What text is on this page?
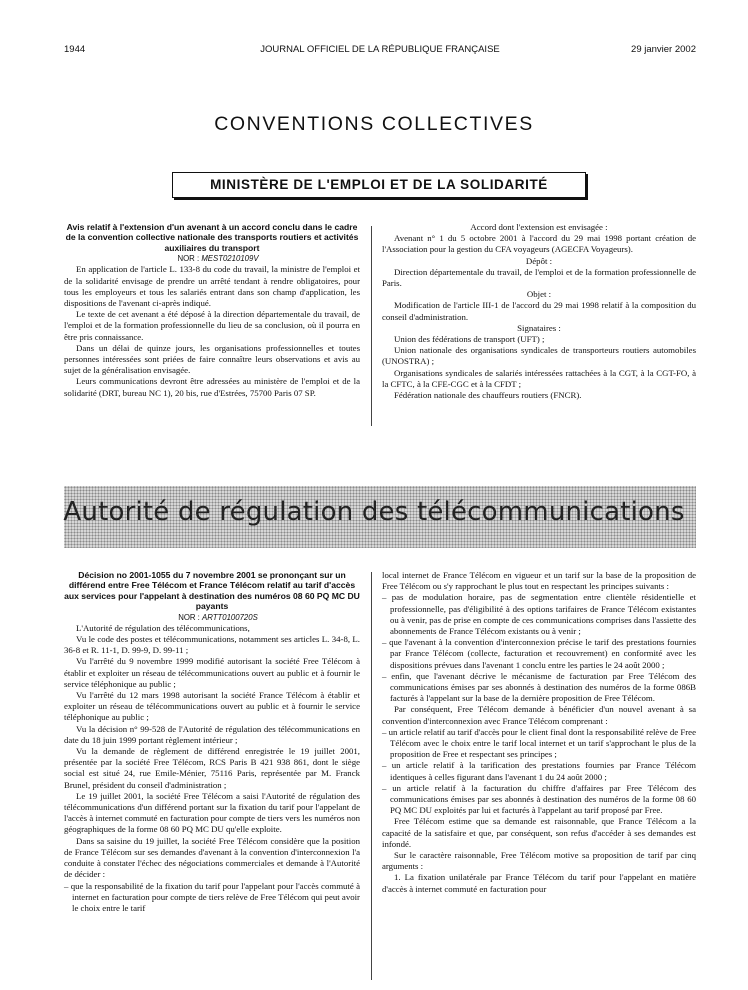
1944	JOURNAL OFFICIEL DE LA RÉPUBLIQUE FRANÇAISE	29 janvier 2002
CONVENTIONS COLLECTIVES
MINISTÈRE DE L'EMPLOI ET DE LA SOLIDARITÉ
Avis relatif à l'extension d'un avenant à un accord conclu dans le cadre de la convention collective nationale des transports routiers et activités auxiliaires du transport

NOR : MEST0210109V

En application de l'article L. 133-8 du code du travail, la ministre de l'emploi et de la solidarité envisage de prendre un arrêté tendant à rendre obligatoires, pour tous les employeurs et tous les salariés entrant dans son champ d'application, les dispositions de l'avenant ci-après indiqué.

Le texte de cet avenant a été déposé à la direction départementale du travail, de l'emploi et de la formation professionnelle du lieu de sa conclusion, où il pourra en être pris connaissance.

Dans un délai de quinze jours, les organisations professionnelles et toutes personnes intéressées sont priées de faire connaître leurs observations et avis au sujet de la généralisation envisagée.

Leurs communications devront être adressées au ministère de l'emploi et de la solidarité (DRT, bureau NC 1), 20 bis, rue d'Estrées, 75700 Paris 07 SP.

Accord dont l'extension est envisagée :

Avenant n° 1 du 5 octobre 2001 à l'accord du 29 mai 1998 portant création de l'Association pour la gestion du CFA voyageurs (AGECFA Voyageurs).

Dépôt :

Direction départementale du travail, de l'emploi et de la formation professionnelle de Paris.

Objet :

Modification de l'article III-1 de l'accord du 29 mai 1998 relatif à la composition du conseil d'administration.

Signataires :

Union des fédérations de transport (UFT) ;

Union nationale des organisations syndicales de transporteurs routiers automobiles (UNOSTRA) ;

Organisations syndicales de salariés intéressées rattachées à la CGT, à la CGT-FO, à la CFTC, à la CFE-CGC et à la CFDT ;

Fédération nationale des chauffeurs routiers (FNCR).

Autorité de régulation des télécommunications
Décision no 2001-1055 du 7 novembre 2001 se prononçant sur un différend entre Free Télécom et France Télécom relatif au tarif d'accès aux services pour l'appelant à destination des numéros 08 60 PQ MC DU payants

NOR : ARTT0100720S

L'Autorité de régulation des télécommunications,

Vu le code des postes et télécommunications, notamment ses articles L. 34-8, L. 36-8 et R. 11-1, D. 99-9, D. 99-11 ;

Vu l'arrêté du 9 novembre 1999 modifié autorisant la société Free Télécom à établir et exploiter un réseau de télécommunications ouvert au public et à fournir le service téléphonique au public ;

Vu l'arrêté du 12 mars 1998 autorisant la société France Télécom à établir et exploiter un réseau de télécommunications ouvert au public et à fournir le service téléphonique au public ;

Vu la décision n° 99-528 de l'Autorité de régulation des télécommunications en date du 18 juin 1999 portant règlement intérieur ;

Vu la demande de règlement de différend enregistrée le 19 juillet 2001, présentée par la société Free Télécom, RCS Paris B 421 938 861, dont le siège social est situé 24, rue Emile-Ménier, 75116 Paris, représentée par M. Franck Brunel, président du conseil d'administration ;

Le 19 juillet 2001, la société Free Télécom a saisi l'Autorité de régulation des télécommunications d'un différend portant sur la fixation du tarif pour l'appelant de l'accès à internet commuté en facturation pour compte de tiers vers les numéros non géographiques de la forme 08 60 PQ MC DU qu'elle exploite.

Dans sa saisine du 19 juillet, la société Free Télécom considère que la position de France Télécom sur ses demandes d'avenant à la convention d'interconnexion l'a conduite à constater l'échec des négociations commerciales et demande à l'Autorité de décider :

– que la responsabilité de la fixation du tarif pour l'appelant pour l'accès commuté à internet en facturation pour compte de tiers relève de Free Télécom qui peut avoir le choix entre le tarif

local internet de France Télécom en vigueur et un tarif sur la base de la proposition de Free Télécom ou s'y rapprochant le plus tout en respectant les principes suivants :

– pas de modulation horaire, pas de segmentation entre clientèle résidentielle et professionnelle, pas d'éligibilité à des options tarifaires de France Télécom existantes ou à venir, pas de prise en compte de ces communications comprises dans l'assiette des abonnements de France Télécom existants ou à venir ;

– que l'avenant à la convention d'interconnexion précise le tarif des prestations fournies par France Télécom (collecte, facturation et recouvrement) en conformité avec les dispositions prévues dans l'avenant 1 conclu entre les parties le 24 août 2000 ;

– enfin, que l'avenant décrive le mécanisme de facturation par Free Télécom des communications émises par ses abonnés à destination des numéros de la forme 086B facturés à l'appelant sur la base de la dernière proposition de Free Télécom.

Par conséquent, Free Télécom demande à bénéficier d'un nouvel avenant à sa convention d'interconnexion avec France Télécom comprenant :

– un article relatif au tarif d'accès pour le client final dont la responsabilité relève de Free Télécom avec le choix entre le tarif local internet et un tarif s'approchant le plus de la proposition de Free et respectant ses principes ;

– un article relatif à la tarification des prestations fournies par France Télécom identiques à celles figurant dans l'avenant 1 du 24 août 2000 ;

– un article relatif à la facturation du chiffre d'affaires par Free Télécom des communications émises par ses abonnés à destination des numéros de la forme 08 60 PQ MC DU exploités par lui et facturés à l'appelant au tarif proposé par Free.

Free Télécom estime que sa demande est raisonnable, que France Télécom a la capacité de la satisfaire et que, par conséquent, son refus d'accéder à ses demandes est infondé.

Sur le caractère raisonnable, Free Télécom motive sa proposition de tarif par cinq arguments :

1. La fixation unilatérale par France Télécom du tarif pour l'appelant en matière d'accès à internet commuté en facturation pour
